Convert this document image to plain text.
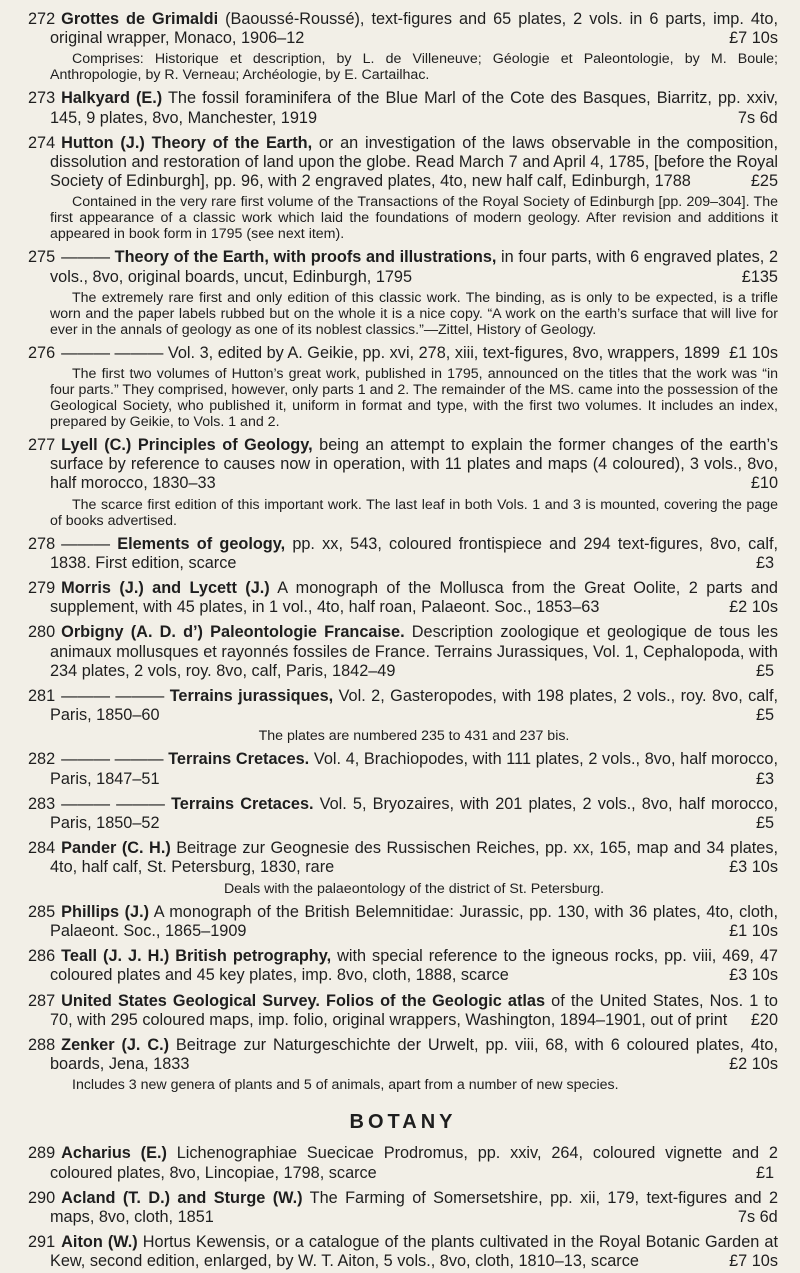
272 Grottes de Grimaldi (Baoussé-Roussé), text-figures and 65 plates, 2 vols. in 6 parts, imp. 4to, original wrapper, Monaco, 1906–12	£7 10s
Comprises: Historique et description, by L. de Villeneuve; Géologie et Paleontologie, by M. Boule; Anthropologie, by R. Verneau; Archéologie, by E. Cartailhac.
273 Halkyard (E.) The fossil foraminifera of the Blue Marl of the Cote des Basques, Biarritz, pp. xxiv, 145, 9 plates, 8vo, Manchester, 1919	7s 6d
274 Hutton (J.) Theory of the Earth, or an investigation of the laws observable in the composition, dissolution and restoration of land upon the globe. Read March 7 and April 4, 1785, [before the Royal Society of Edinburgh], pp. 96, with 2 engraved plates, 4to, new half calf, Edinburgh, 1788	£25
Contained in the very rare first volume of the Transactions of the Royal Society of Edinburgh [pp. 209–304]. The first appearance of a classic work which laid the foundations of modern geology. After revision and additions it appeared in book form in 1795 (see next item).
275 ——— Theory of the Earth, with proofs and illustrations, in four parts, with 6 engraved plates, 2 vols., 8vo, original boards, uncut, Edinburgh, 1795	£135
The extremely rare first and only edition of this classic work. The binding, as is only to be expected, is a trifle worn and the paper labels rubbed but on the whole it is a nice copy. “A work on the earth’s surface that will live for ever in the annals of geology as one of its noblest classics.”—Zittel, History of Geology.
276 ——— ——— Vol. 3, edited by A. Geikie, pp. xvi, 278, xiii, text-figures, 8vo, wrappers, 1899 £1 10s
The first two volumes of Hutton’s great work, published in 1795, announced on the titles that the work was “in four parts.” They comprised, however, only parts 1 and 2. The remainder of the MS. came into the possession of the Geological Society, who published it, uniform in format and type, with the first two volumes. It includes an index, prepared by Geikie, to Vols. 1 and 2.
277 Lyell (C.) Principles of Geology, being an attempt to explain the former changes of the earth’s surface by reference to causes now in operation, with 11 plates and maps (4 coloured), 3 vols., 8vo, half morocco, 1830–33	£10
The scarce first edition of this important work. The last leaf in both Vols. 1 and 3 is mounted, covering the page of books advertised.
278 ——— Elements of geology, pp. xx, 543, coloured frontispiece and 294 text-figures, 8vo, calf, 1838. First edition, scarce	£3
279 Morris (J.) and Lycett (J.) A monograph of the Mollusca from the Great Oolite, 2 parts and supplement, with 45 plates, in 1 vol., 4to, half roan, Palaeont. Soc., 1853–63	£2 10s
280 Orbigny (A. D. d’) Paleontologie Francaise. Description zoologique et geologique de tous les animaux mollusques et rayonnés fossiles de France. Terrains Jurassiques, Vol. 1, Cephalopoda, with 234 plates, 2 vols, roy. 8vo, calf, Paris, 1842–49	£5
281 ——— ——— Terrains jurassiques, Vol. 2, Gasteropodes, with 198 plates, 2 vols., roy. 8vo, calf, Paris, 1850–60	£5
The plates are numbered 235 to 431 and 237 bis.
282 ——— ——— Terrains Cretaces. Vol. 4, Brachiopodes, with 111 plates, 2 vols., 8vo, half morocco, Paris, 1847–51	£3
283 ——— ——— Terrains Cretaces. Vol. 5, Bryozaires, with 201 plates, 2 vols., 8vo, half morocco, Paris, 1850–52	£5
284 Pander (C. H.) Beitrage zur Geognesie des Russischen Reiches, pp. xx, 165, map and 34 plates, 4to, half calf, St. Petersburg, 1830, rare	£3 10s
Deals with the palaeontology of the district of St. Petersburg.
285 Phillips (J.) A monograph of the British Belemnitidae: Jurassic, pp. 130, with 36 plates, 4to, cloth, Palaeont. Soc., 1865–1909	£1 10s
286 Teall (J. J. H.) British petrography, with special reference to the igneous rocks, pp. viii, 469, 47 coloured plates and 45 key plates, imp. 8vo, cloth, 1888, scarce	£3 10s
287 United States Geological Survey. Folios of the Geologic atlas of the United States, Nos. 1 to 70, with 295 coloured maps, imp. folio, original wrappers, Washington, 1894–1901, out of print £20
288 Zenker (J. C.) Beitrage zur Naturgeschichte der Urwelt, pp. viii, 68, with 6 coloured plates, 4to, boards, Jena, 1833	£2 10s
Includes 3 new genera of plants and 5 of animals, apart from a number of new species.
BOTANY
289 Acharius (E.) Lichenographiae Suecicae Prodromus, pp. xxiv, 264, coloured vignette and 2 coloured plates, 8vo, Lincopiae, 1798, scarce	£1
290 Acland (T. D.) and Sturge (W.) The Farming of Somersetshire, pp. xii, 179, text-figures and 2 maps, 8vo, cloth, 1851	7s 6d
291 Aiton (W.) Hortus Kewensis, or a catalogue of the plants cultivated in the Royal Botanic Garden at Kew, second edition, enlarged, by W. T. Aiton, 5 vols., 8vo, cloth, 1810–13, scarce	£7 10s
